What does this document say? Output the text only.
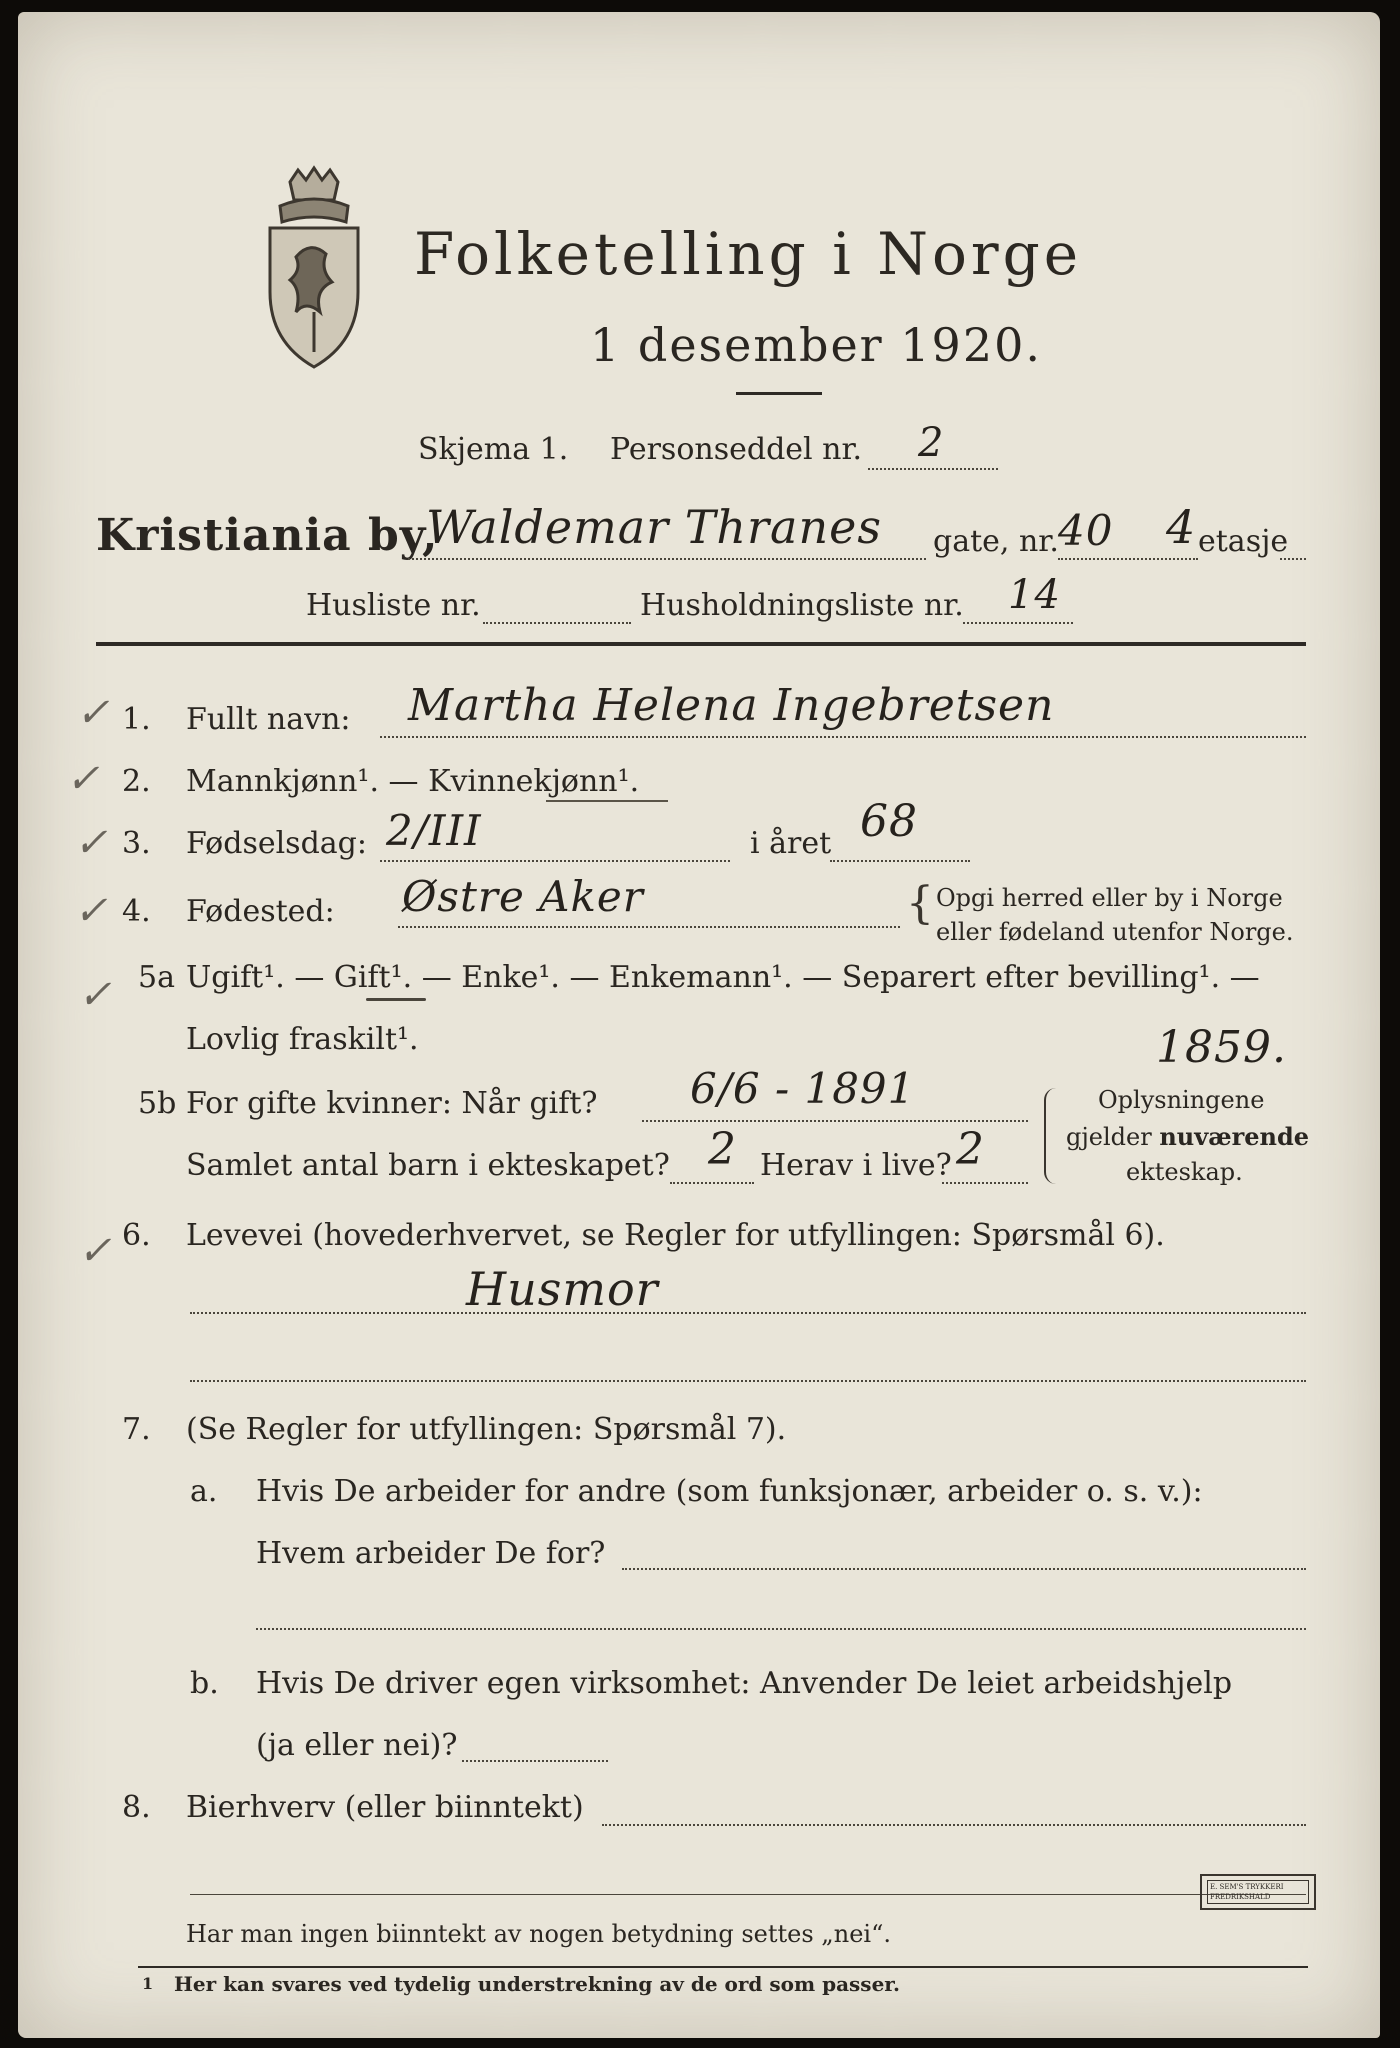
Folketelling i Norge
1 desember 1920.
Skjema 1. Personseddel nr. 2
Kristiania by,
Waldemar Thranes gate, nr. 40 4 etasje
Husliste nr.	Husholdningsliste nr. 14
✓
✓
✓
✓
✓
✓
1. Fullt navn: Martha Helena Ingebretsen
2. Mannkjønn¹. — Kvinnekjønn¹.
3. Fødselsdag: 2/III	i året 68
4. Fødested: Østre Aker	{ Opgi herred eller by i Norge
eller fødeland utenfor Norge.
5a Ugift¹. — Gift¹. — Enke¹. — Enkemann¹. — Separert efter bevilling¹. —
Lovlig fraskilt¹.	1859.
5b For gifte kvinner: Når gift? 6/6 - 1891
Samlet antal barn i ekteskapet? 2 Herav i live? 2
Oplysningene
gjelder nuværende
ekteskap.
6. Levevei (hovederhvervet, se Regler for utfyllingen: Spørsmål 6).
Husmor
7. (Se Regler for utfyllingen: Spørsmål 7).
a. Hvis De arbeider for andre (som funksjonær, arbeider o. s. v.):
Hvem arbeider De for?
b. Hvis De driver egen virksomhet: Anvender De leiet arbeidshjelp
(ja eller nei)?
8. Bierhverv (eller biinntekt)
Har man ingen biinntekt av nogen betydning settes „nei“.
1 Her kan svares ved tydelig understrekning av de ord som passer.
E. SEM'S TRYKKERI
FREDRIKSHALD
